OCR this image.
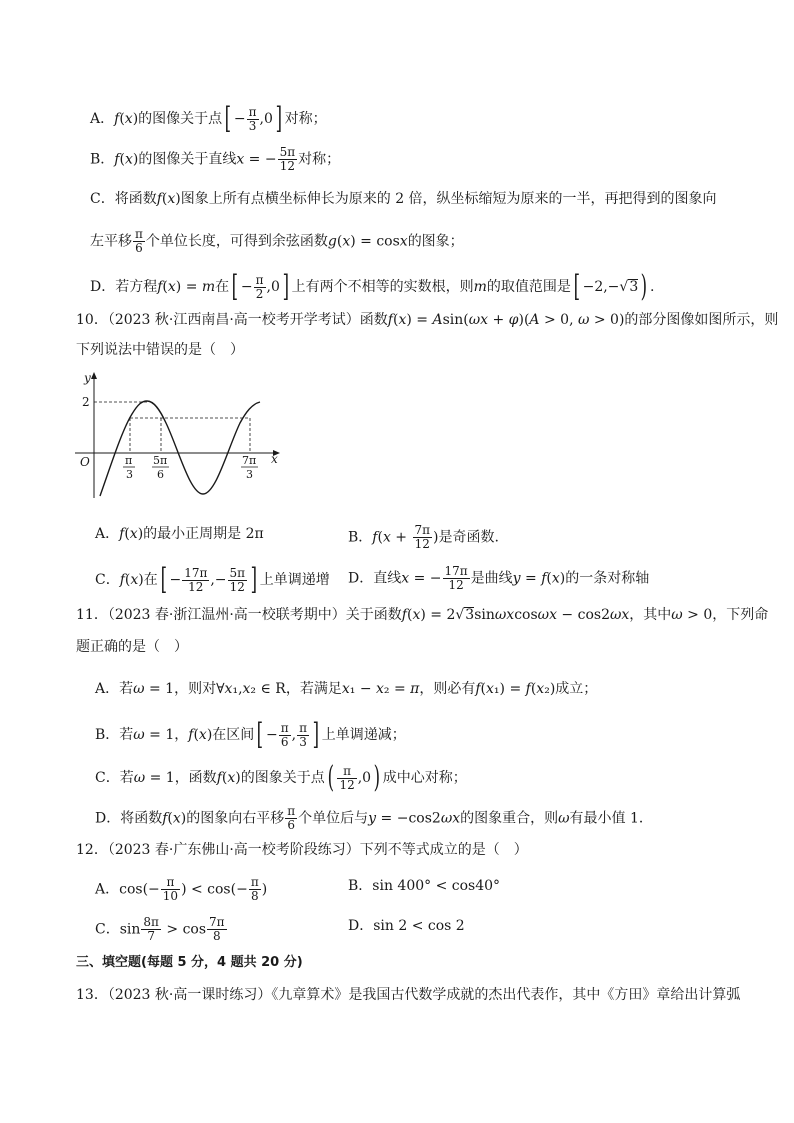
A．f(x)的图像关于点[ − $\frac{\pi}{3} ,0$] 对称；
B．f(x)的图像关于直线x = − $\frac{5\pi}{12}$ 对称；
C．将函数f(x)图象上所有点横坐标伸长为原来的 2 倍，纵坐标缩短为原来的一半，再把得到的图象向
左平移 $\frac{\pi}{6}$ 个单位长度，可得到余弦函数g(x) = cosx的图象；
D．若方程f(x) = m在[ − $\frac{\pi}{2} ,0$] 上有两个不相等的实数根，则m的取值范围是[ −2,−√3) .
10．（2023 秋·江西南昌·高一校考开学考试）函数f(x) = Asin(ωx + φ)(A > 0, ω > 0)的部分图像如图所示，则
下列说法中错误的是（　）
y
x
O
2
π
3
5π
6
7π
3
A．f(x)的最小正周期是 2π	B．$f(x + \frac{7\pi}{12}$ )是奇函数.
C．f(x)在[ − $\frac{17\pi}{12}$ ,− $\frac{5\pi}{12}$ ] 上单调递增 D．直线x = − $\frac{17\pi}{12}$ 是曲线y = f(x)的一条对称轴
11．（2023 春·浙江温州·高一校联考期中）关于函数f(x) = 2√3sinωxcosωx − cos2ωx，其中ω > 0，下列命
题正确的是（　）
A．若ω = 1，则对∀x₁,x₂ ∈ R，若满足x₁ − x₂ = π，则必有f(x₁) = f(x₂)成立；
B．若ω = 1，f(x)在区间[ − $\frac{\pi}{6}$ , $\frac{\pi}{3}$ ] 上单调递减；
C．若ω = 1，函数f(x)的图象关于点( $\frac{\pi}{12} ,0$) 成中心对称；
D．将函数f(x)的图象向右平移 $\frac{\pi}{6}$ 个单位后与y = −cos2ωx的图象重合，则ω有最小值 1．
12．（2023 春·广东佛山·高一校考阶段练习）下列不等式成立的是（　）
A．$\cos(- \frac{\pi}{10}$ ) < $\cos(- \frac{\pi}{8}$ )	B．sin 400° < cos40°
C．$\sin \frac{8\pi}{7} > \cos \frac{7\pi}{8}$	D．sin 2 < cos 2
三、填空题(每题 5 分，4 题共 20 分)
13．（2023 秋·高一课时练习）《九章算术》是我国古代数学成就的杰出代表作，其中《方田》章给出计算弧
